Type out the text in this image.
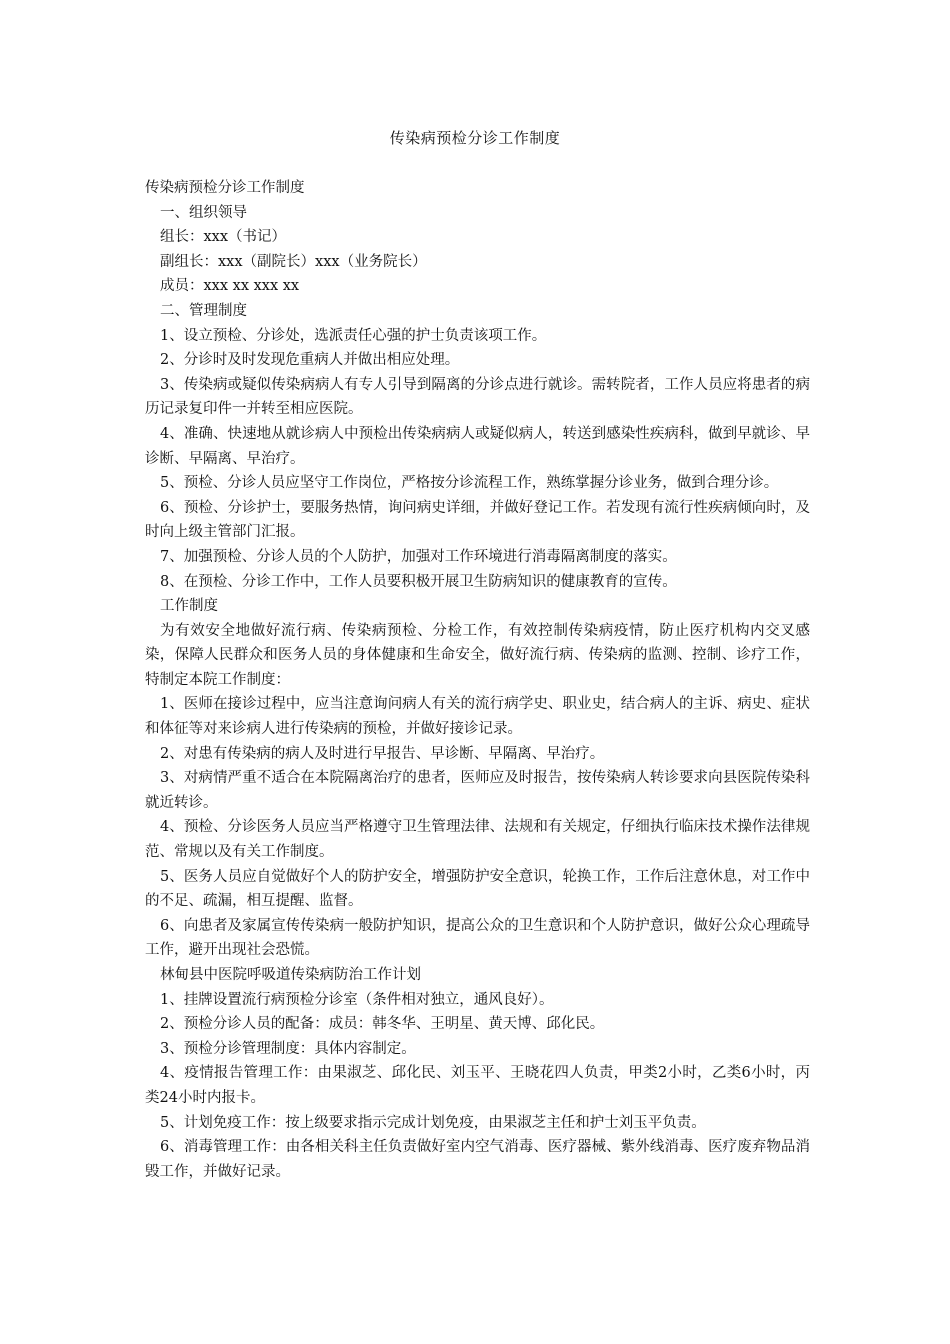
传染病预检分诊工作制度

传染病预检分诊工作制度

一、组织领导

组长：xxx（书记）

副组长：xxx（副院长）xxx（业务院长）

成员：xxx xx xxx xx

二、管理制度

1、设立预检、分诊处，选派责任心强的护士负责该项工作。

2、分诊时及时发现危重病人并做出相应处理。

3、传染病或疑似传染病病人有专人引导到隔离的分诊点进行就诊。需转院者，工作人员应将患者的病历记录复印件一并转至相应医院。

4、准确、快速地从就诊病人中预检出传染病病人或疑似病人，转送到感染性疾病科，做到早就诊、早诊断、早隔离、早治疗。

5、预检、分诊人员应坚守工作岗位，严格按分诊流程工作，熟练掌握分诊业务，做到合理分诊。

6、预检、分诊护士，要服务热情，询问病史详细，并做好登记工作。若发现有流行性疾病倾向时，及时向上级主管部门汇报。

7、加强预检、分诊人员的个人防护，加强对工作环境进行消毒隔离制度的落实。

8、在预检、分诊工作中，工作人员要积极开展卫生防病知识的健康教育的宣传。

工作制度

为有效安全地做好流行病、传染病预检、分检工作，有效控制传染病疫情，防止医疗机构内交叉感染，保障人民群众和医务人员的身体健康和生命安全，做好流行病、传染病的监测、控制、诊疗工作，特制定本院工作制度：

1、医师在接诊过程中，应当注意询问病人有关的流行病学史、职业史，结合病人的主诉、病史、症状和体征等对来诊病人进行传染病的预检，并做好接诊记录。

2、对患有传染病的病人及时进行早报告、早诊断、早隔离、早治疗。

3、对病情严重不适合在本院隔离治疗的患者，医师应及时报告，按传染病人转诊要求向县医院传染科就近转诊。

4、预检、分诊医务人员应当严格遵守卫生管理法律、法规和有关规定，仔细执行临床技术操作法律规范、常规以及有关工作制度。

5、医务人员应自觉做好个人的防护安全，增强防护安全意识，轮换工作，工作后注意休息，对工作中的不足、疏漏，相互提醒、监督。

6、向患者及家属宣传传染病一般防护知识，提高公众的卫生意识和个人防护意识，做好公众心理疏导工作，避开出现社会恐慌。

林甸县中医院呼吸道传染病防治工作计划

1、挂牌设置流行病预检分诊室（条件相对独立，通风良好）。

2、预检分诊人员的配备：成员：韩冬华、王明星、黄天博、邱化民。

3、预检分诊管理制度：具体内容制定。

4、疫情报告管理工作：由果淑芝、邱化民、刘玉平、王晓花四人负责，甲类2小时，乙类6小时，丙类24小时内报卡。

5、计划免疫工作：按上级要求指示完成计划免疫，由果淑芝主任和护士刘玉平负责。

6、消毒管理工作：由各相关科主任负责做好室内空气消毒、医疗器械、紫外线消毒、医疗废弃物品消毁工作，并做好记录。
